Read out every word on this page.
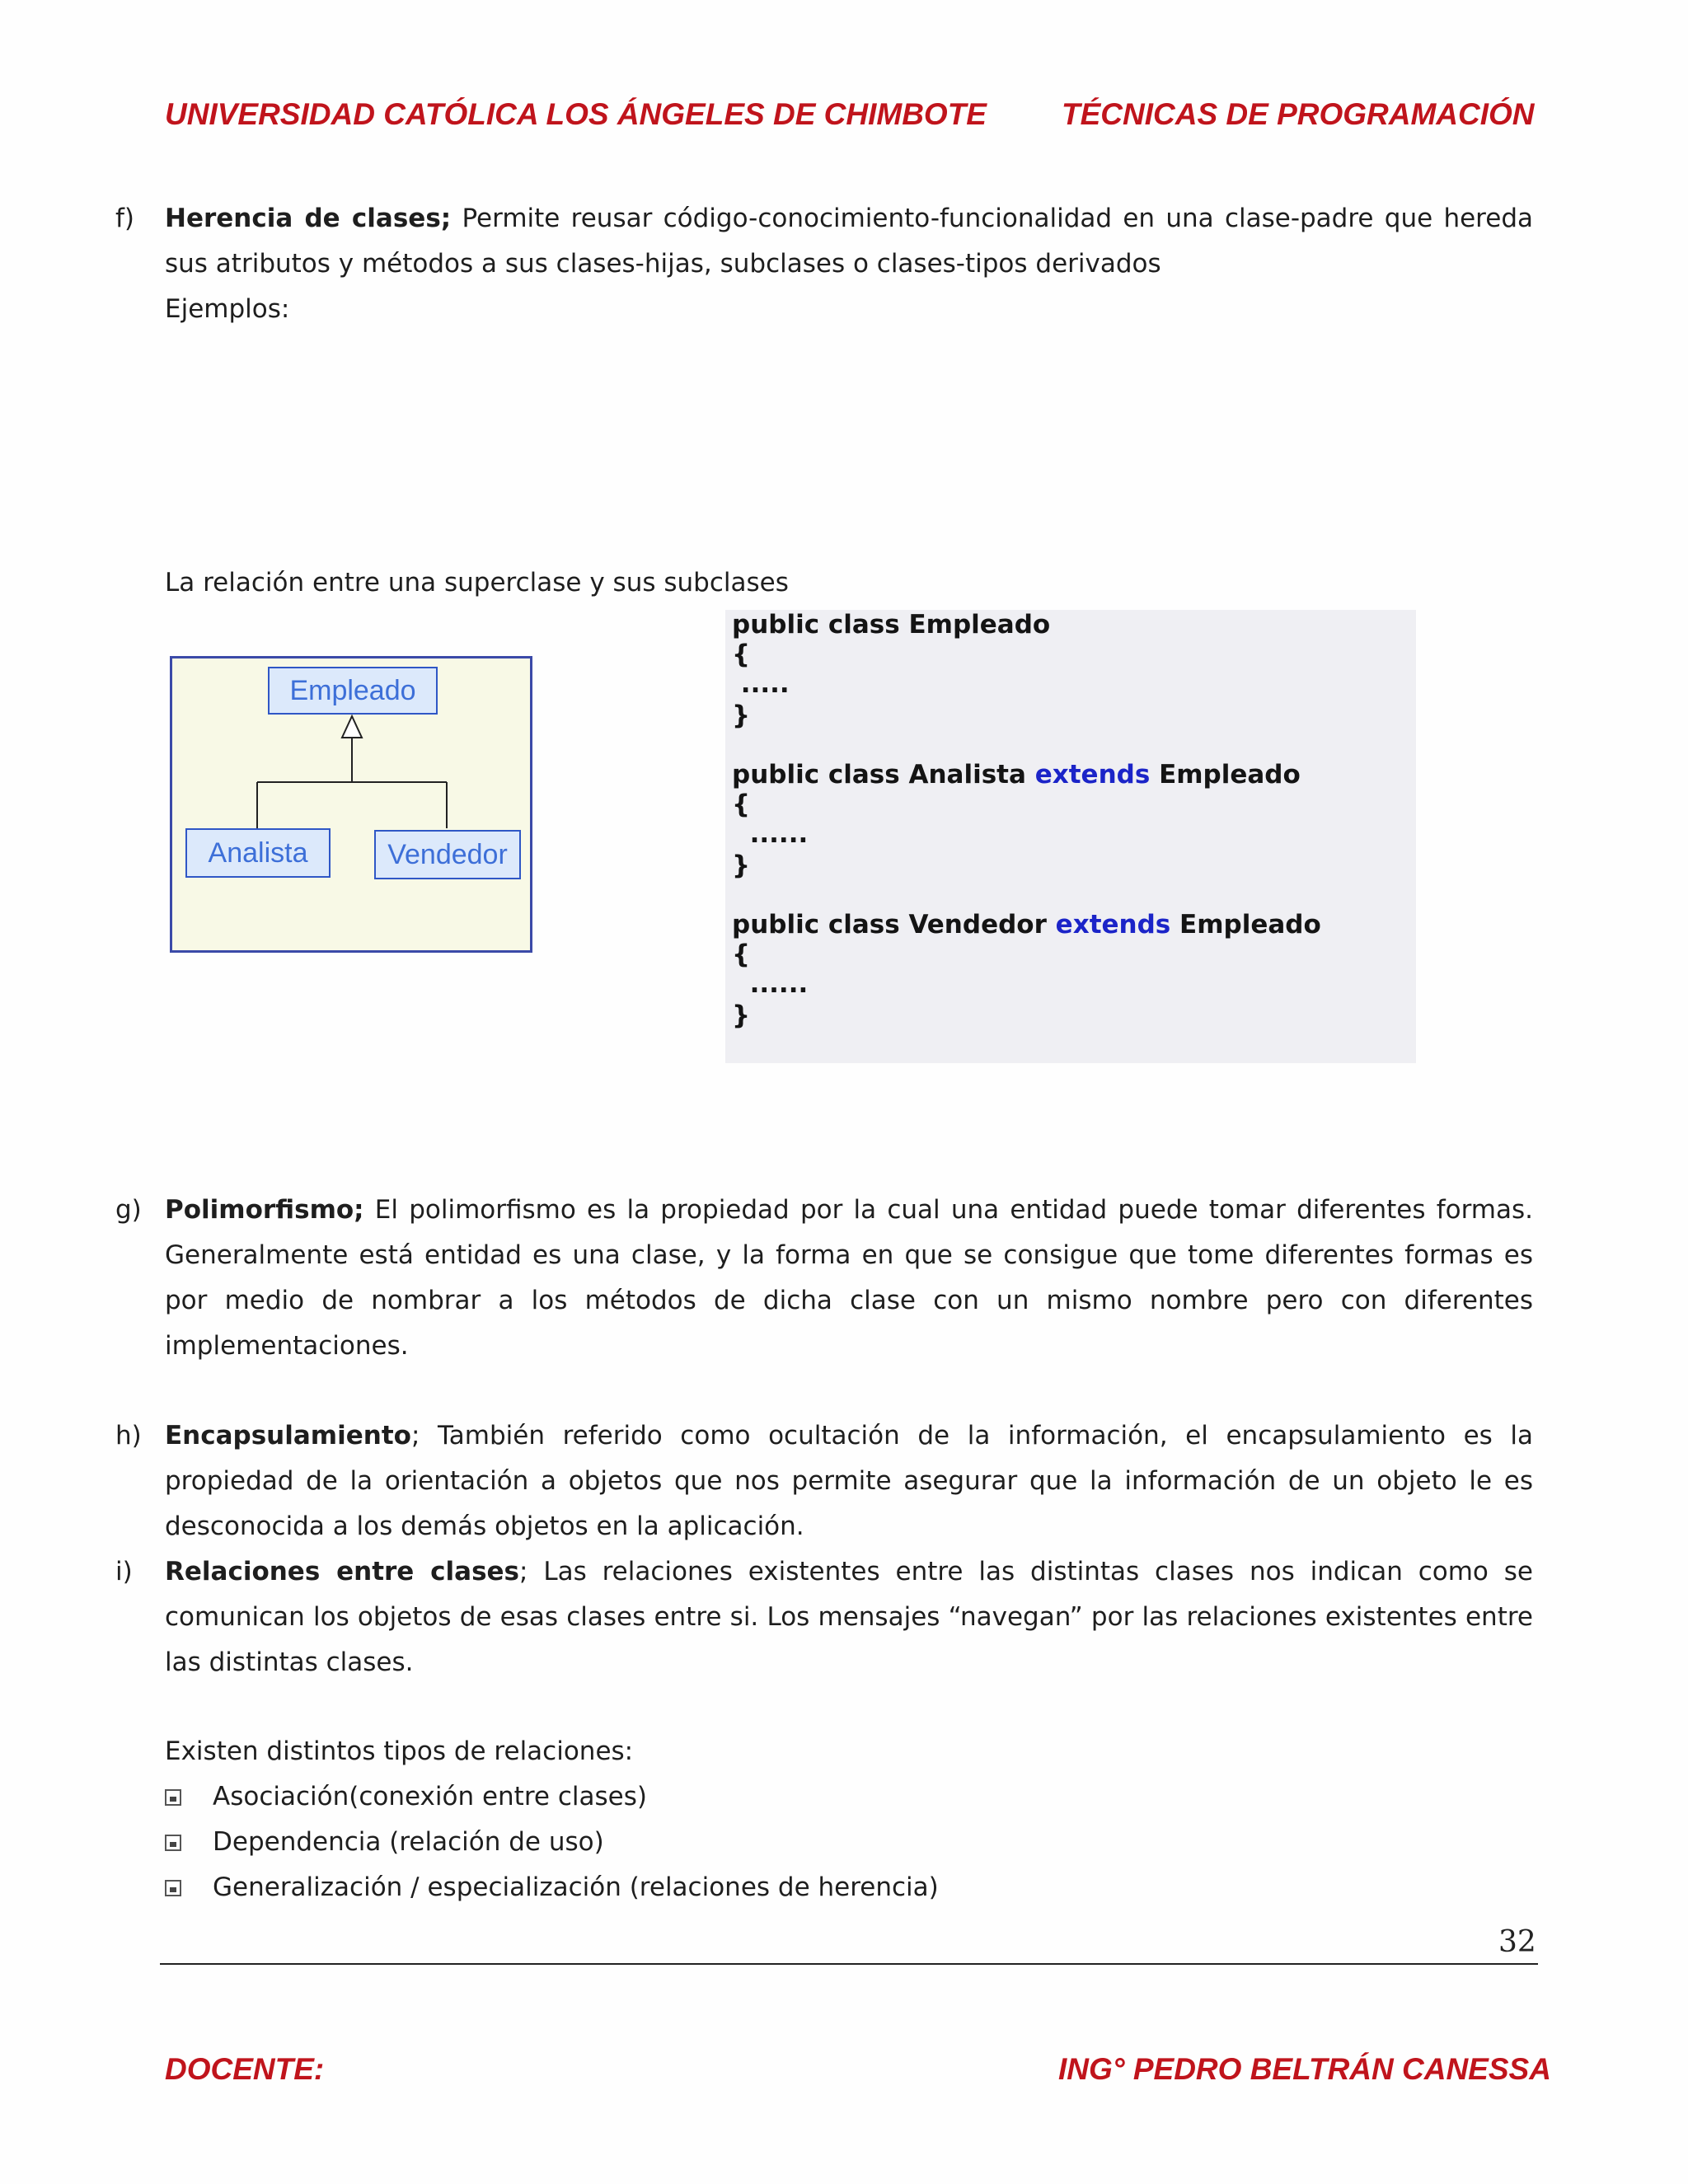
UNIVERSIDAD CATÓLICA LOS ÁNGELES DE CHIMBOTE TÉCNICAS DE PROGRAMACIÓN
f) Herencia de clases; Permite reusar código-conocimiento-funcionalidad en una clase-padre que hereda sus atributos y métodos a sus clases-hijas, subclases o clases-tipos derivados
Ejemplos:
La relación entre una superclase y sus subclases
Empleado
Analista	Vendedor
public class Empleado
{
.....
}
public class Analista extends Empleado
{
......
}
public class Vendedor extends Empleado
{
......
}
g) Polimorfismo; El polimorfismo es la propiedad por la cual una entidad puede tomar diferentes formas. Generalmente está entidad es una clase, y la forma en que se consigue que tome diferentes formas es por medio de nombrar a los métodos de dicha clase con un mismo nombre pero con diferentes implementaciones.
h) Encapsulamiento; También referido como ocultación de la información, el encapsulamiento es la propiedad de la orientación a objetos que nos permite asegurar que la información de un objeto le es desconocida a los demás objetos en la aplicación.
i) Relaciones entre clases; Las relaciones existentes entre las distintas clases nos indican como se comunican los objetos de esas clases entre si. Los mensajes “navegan” por las relaciones existentes entre las distintas clases.
Existen distintos tipos de relaciones:
Asociación(conexión entre clases)
Dependencia (relación de uso)
Generalización / especialización (relaciones de herencia)
32
DOCENTE:	ING° PEDRO BELTRÁN CANESSA
